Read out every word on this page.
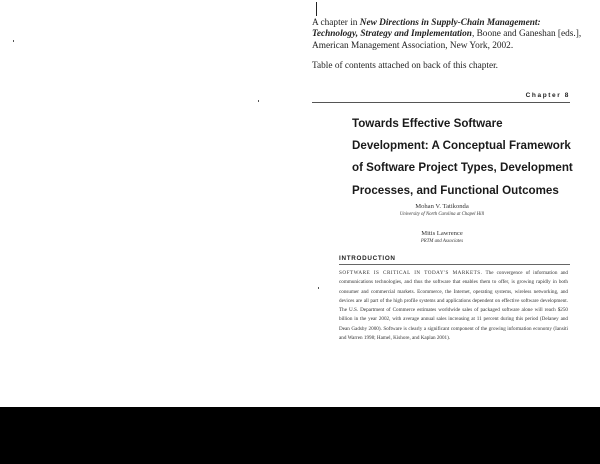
A chapter in New Directions in Supply-Chain Management: Technology, Strategy and Implementation, Boone and Ganeshan [eds.], American Management Association, New York, 2002.
Table of contents attached on back of this chapter.
Chapter 8
Towards Effective Software Development: A Conceptual Framework of Software Project Types, Development Processes, and Functional Outcomes
Mohan V. Tatikonda
University of North Carolina at Chapel Hill
Mitis Lawrence
PRTM and Associates
INTRODUCTION
SOFTWARE IS CRITICAL IN TODAY'S MARKETS. The convergence of information and communications technologies, and thus the software that enables them to offer, is growing rapidly in both consumer and commercial markets. Ecommerce, the Internet, operating systems, wireless networking, and devices are all part of the high profile systems and applications dependent on effective software development. The U.S. Department of Commerce estimates worldwide sales of packaged software alone will reach $250 billion in the year 2002, with average annual sales increasing at 11 percent during this period (Delaney and Dean Gadsby 2000). Software is clearly a significant component of the growing information economy (Iansiti and Warren 1998; Hamel, Kishore, and Kaplan 2001).
